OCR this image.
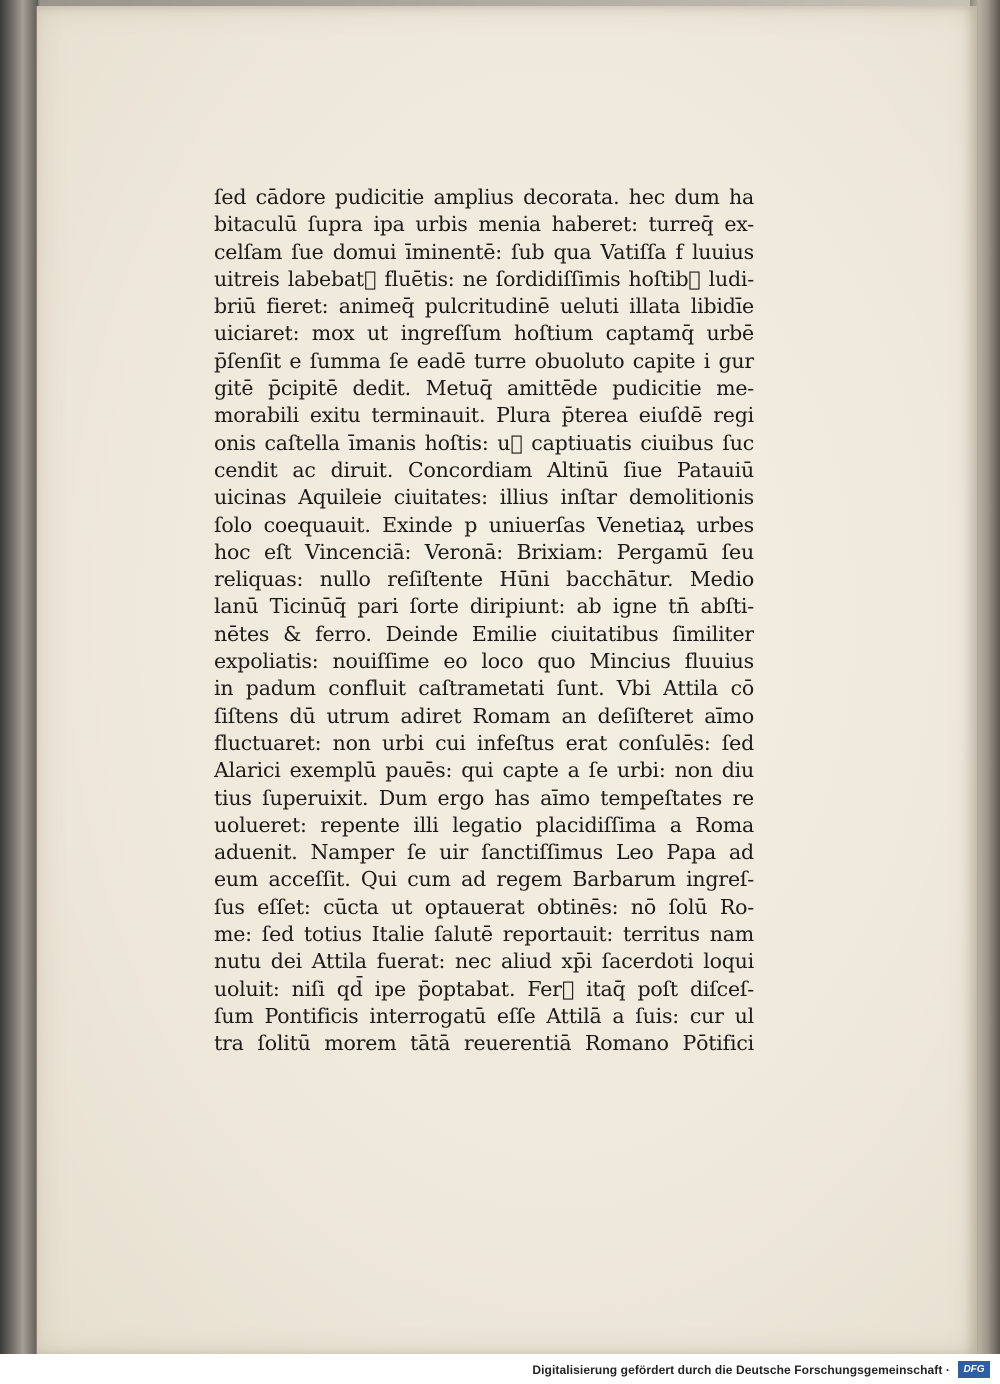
ſed cādore pudicitie amplius decorata. hec dum ha
bitaculū ſupra ipa urbis menia haberet: turreq̄ ex-
celſam ſue domui īminentē: ſub qua Vatiſſa f luuius
uitreis labebatᷣ fluētis: ne ſordidiſſimis hoſtibꝰ ludi-
briū fieret: animeq̄ pulcritudinē ueluti illata libidīe
uiciaret: mox ut ingreſſum hoſtium captamq̄ urbē
p̄ſenſit e ſumma ſe eadē turre obuoluto capite i gur
gitē p̄cipitē dedit. Metuq̄ amittēde pudicitie me-
morabili exitu terminauit. Plura p̄terea eiuſdē regi
onis caſtella īmanis hoſtis: uᷣ captiuatis ciuibus ſuc
cendit ac diruit. Concordiam Altinū ſiue Patauiū
uicinas Aquileie ciuitates: illius inſtar demolitionis
ſolo coequauit. Exinde p uniuerſas Venetiaꝝ urbes
hoc eſt Vincenciā: Veronā: Brixiam: Pergamū ſeu
reliquas: nullo reſiſtente Hūni bacchātur. Medio
lanū Ticinūq̄ pari ſorte diripiunt: ab igne tn̄ abſti-
nētes & ferro. Deinde Emilie ciuitatibus ſimiliter
expoliatis: nouiſſime eo loco quo Mincius fluuius
in padum confluit caſtrametati ſunt. Vbi Attila cō
ſiſtens dū utrum adiret Romam an deſiſteret aīmo
fluctuaret: non urbi cui infeſtus erat conſulēs: ſed
Alarici exemplū pauēs: qui capte a ſe urbi: non diu
tius ſuperuixit. Dum ergo has aīmo tempeſtates re
uolueret: repente illi legatio placidiſſima a Roma
aduenit. Namper ſe uir ſanctiſſimus Leo Papa ad
eum acceſſit. Qui cum ad regem Barbarum ingreſ-
ſus eſſet: cūcta ut optauerat obtinēs: nō ſolū Ro-
me: ſed totius Italie ſalutē reportauit: territus nam
nutu dei Attila fuerat: nec aliud xp̄i ſacerdoti loqui
uoluit: niſi qd̄ ipe p̄optabat. Ferᷣ itaq̄ poſt diſceſ-
ſum Pontificis interrogatū eſſe Attilā a ſuis: cur ul
tra ſolitū morem tātā reuerentiā Romano Pōtifici
Digitalisierung gefördert durch die Deutsche Forschungsgemeinschaft ·	DFG
